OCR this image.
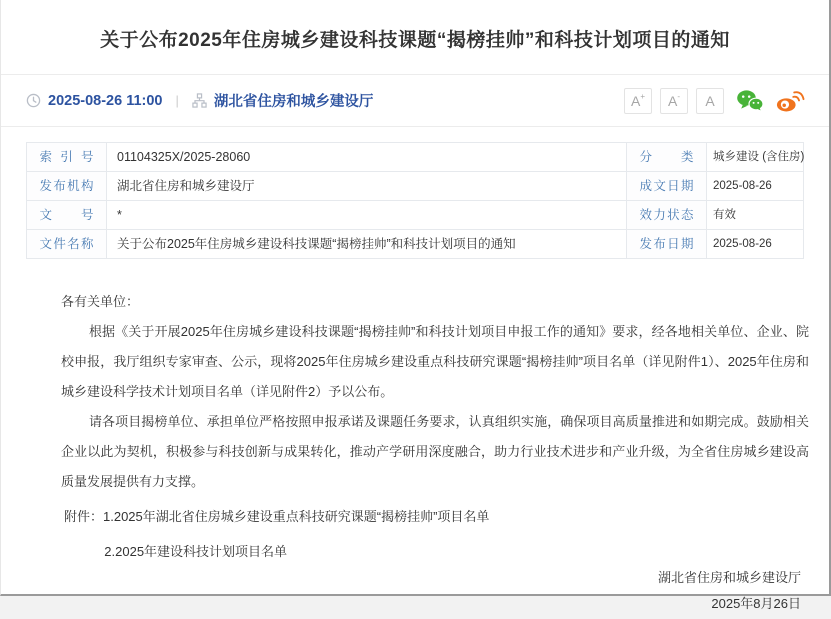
关于公布2025年住房城乡建设科技课题“揭榜挂帅”和科技计划项目的通知
2025-08-26 11:00 | 湖北省住房和城乡建设厅	A + A - A
索引号	01104325X/2025-28060	分类	城乡建设 (含住房)
发布机构	湖北省住房和城乡建设厅	成文日期	2025-08-26
文号	*	效力状态	有效
文件名称	关于公布2025年住房城乡建设科技课题“揭榜挂帅”和科技计划项目的通知	发布日期	2025-08-26

各有关单位：

根据《关于开展2025年住房城乡建设科技课题“揭榜挂帅”和科技计划项目申报工作的通知》要求，经各地相关单位、企业、院校申报，我厅组织专家审查、公示，现将2025年住房城乡建设重点科技研究课题“揭榜挂帅”项目名单（详见附件1）、2025年住房和城乡建设科学技术计划项目名单（详见附件2）予以公布。

请各项目揭榜单位、承担单位严格按照申报承诺及课题任务要求，认真组织实施，确保项目高质量推进和如期完成。鼓励相关企业以此为契机，积极参与科技创新与成果转化，推动产学研用深度融合，助力行业技术进步和产业升级，为全省住房城乡建设高质量发展提供有力支撑。

附件：1.2025年湖北省住房城乡建设重点科技研究课题“揭榜挂帅”项目名单

2.2025年建设科技计划项目名单

湖北省住房和城乡建设厅

2025年8月26日
